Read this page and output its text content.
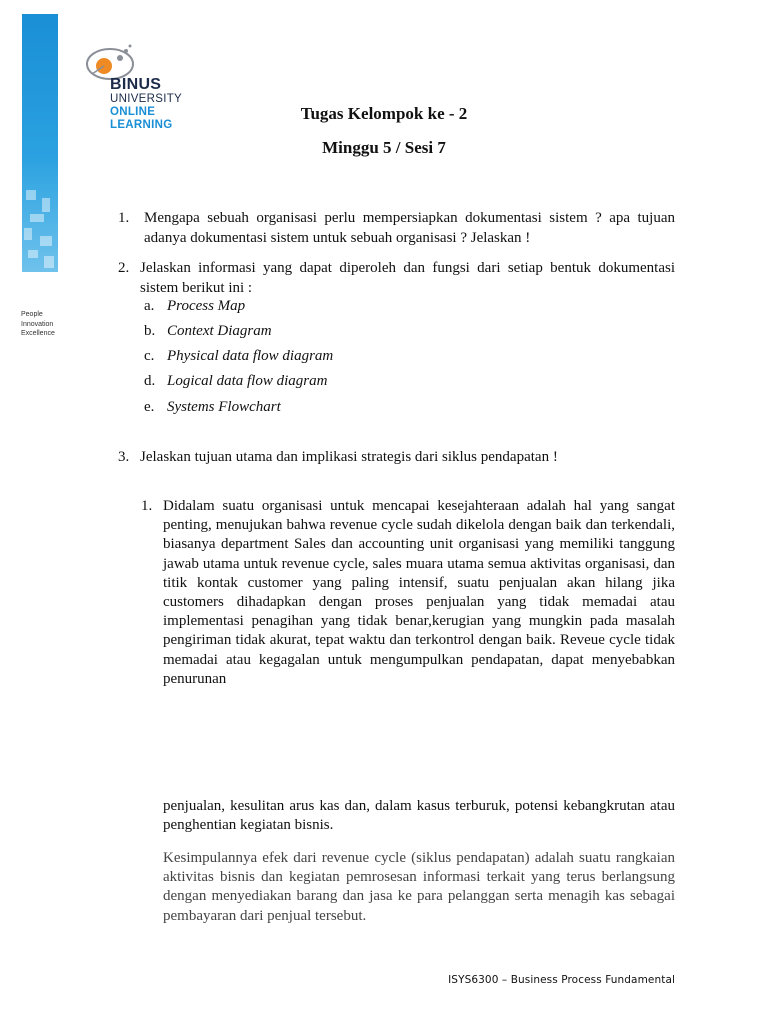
People
Innovation
Excellence
BINUS
UNIVERSITY
ONLINE
LEARNING
Tugas Kelompok ke - 2
Minggu 5 / Sesi 7
1. Mengapa sebuah organisasi perlu mempersiapkan dokumentasi sistem ? apa tujuan adanya dokumentasi sistem untuk sebuah organisasi ? Jelaskan !
2. Jelaskan informasi yang dapat diperoleh dan fungsi dari setiap bentuk dokumentasi sistem berikut ini :
a. Process Map
b. Context Diagram
c. Physical data flow diagram
d. Logical data flow diagram
e. Systems Flowchart
3. Jelaskan tujuan utama dan implikasi strategis dari siklus pendapatan !
1. Didalam suatu organisasi untuk mencapai kesejahteraan adalah hal yang sangat penting, menujukan bahwa revenue cycle sudah dikelola dengan baik dan terkendali, biasanya department Sales dan accounting unit organisasi yang memiliki tanggung jawab utama untuk revenue cycle, sales muara utama semua aktivitas organisasi, dan titik kontak customer yang paling intensif, suatu penjualan akan hilang jika customers dihadapkan dengan proses penjualan yang tidak memadai atau implementasi penagihan yang tidak benar,kerugian yang mungkin pada masalah pengiriman tidak akurat, tepat waktu dan terkontrol dengan baik. Reveue cycle tidak memadai atau kegagalan untuk mengumpulkan pendapatan, dapat menyebabkan penurunan
penjualan, kesulitan arus kas dan, dalam kasus terburuk, potensi kebangkrutan atau penghentian kegiatan bisnis.
Kesimpulannya efek dari revenue cycle (siklus pendapatan) adalah suatu rangkaian aktivitas bisnis dan kegiatan pemrosesan informasi terkait yang terus berlangsung dengan menyediakan barang dan jasa ke para pelanggan serta menagih kas sebagai pembayaran dari penjual tersebut.
ISYS6300 – Business Process Fundamental
